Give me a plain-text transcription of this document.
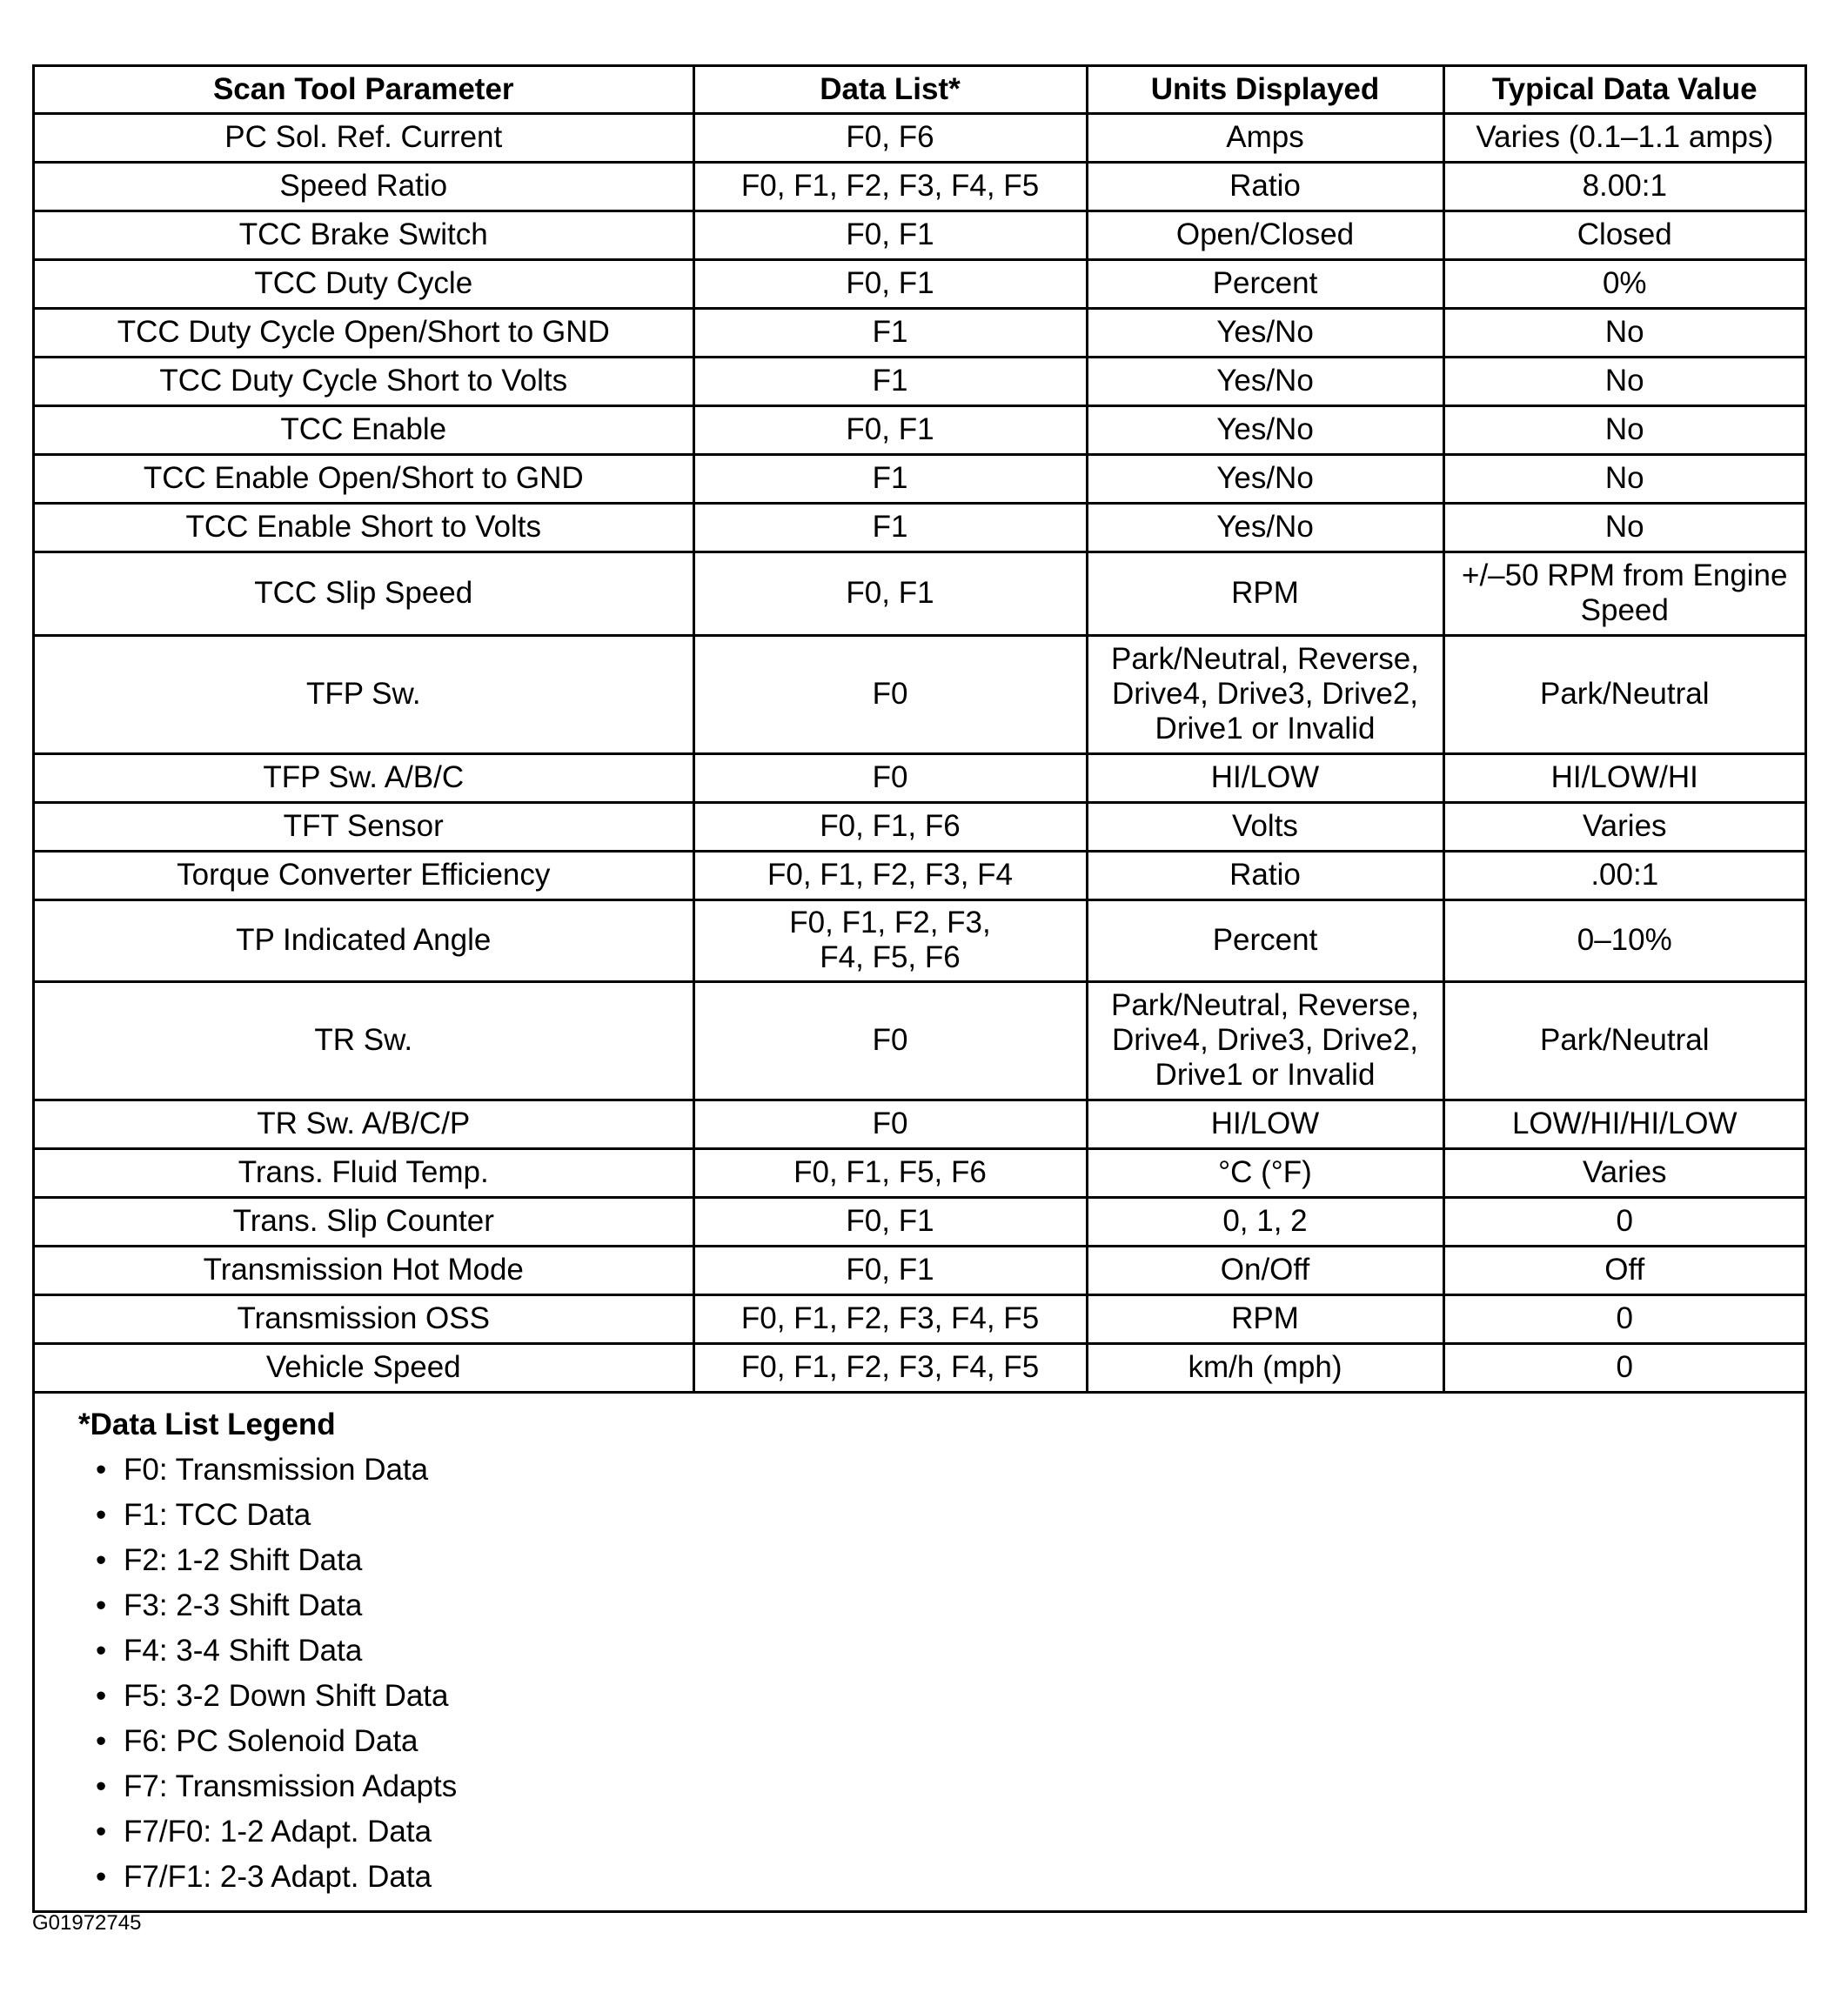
Scan Tool Parameter	Data List*	Units Displayed	Typical Data Value
PC Sol. Ref. Current	F0, F6	Amps	Varies (0.1–1.1 amps)
Speed Ratio	F0, F1, F2, F3, F4, F5	Ratio	8.00:1
TCC Brake Switch	F0, F1	Open/Closed	Closed
TCC Duty Cycle	F0, F1	Percent	0%
TCC Duty Cycle Open/Short to GND	F1	Yes/No	No
TCC Duty Cycle Short to Volts	F1	Yes/No	No
TCC Enable	F0, F1	Yes/No	No
TCC Enable Open/Short to GND	F1	Yes/No	No
TCC Enable Short to Volts	F1	Yes/No	No
TCC Slip Speed	F0, F1	RPM	+/–50 RPM from Engine Speed
TFP Sw.	F0	Park/Neutral, Reverse, Drive4, Drive3, Drive2, Drive1 or Invalid	Park/Neutral
TFP Sw. A/B/C	F0	HI/LOW	HI/LOW/HI
TFT Sensor	F0, F1, F6	Volts	Varies
Torque Converter Efficiency	F0, F1, F2, F3, F4	Ratio	.00:1
TP Indicated Angle	F0, F1, F2, F3, F4, F5, F6	Percent	0–10%
TR Sw.	F0	Park/Neutral, Reverse, Drive4, Drive3, Drive2, Drive1 or Invalid	Park/Neutral
TR Sw. A/B/C/P	F0	HI/LOW	LOW/HI/HI/LOW
Trans. Fluid Temp.	F0, F1, F5, F6	°C (°F)	Varies
Trans. Slip Counter	F0, F1	0, 1, 2	0
Transmission Hot Mode	F0, F1	On/Off	Off
Transmission OSS	F0, F1, F2, F3, F4, F5	RPM	0
Vehicle Speed	F0, F1, F2, F3, F4, F5	km/h (mph)	0
*Data List Legend
• F0: Transmission Data
• F1: TCC Data
• F2: 1-2 Shift Data
• F3: 2-3 Shift Data
• F4: 3-4 Shift Data
• F5: 3-2 Down Shift Data
• F6: PC Solenoid Data
• F7: Transmission Adapts
• F7/F0: 1-2 Adapt. Data
• F7/F1: 2-3 Adapt. Data
G01972745
